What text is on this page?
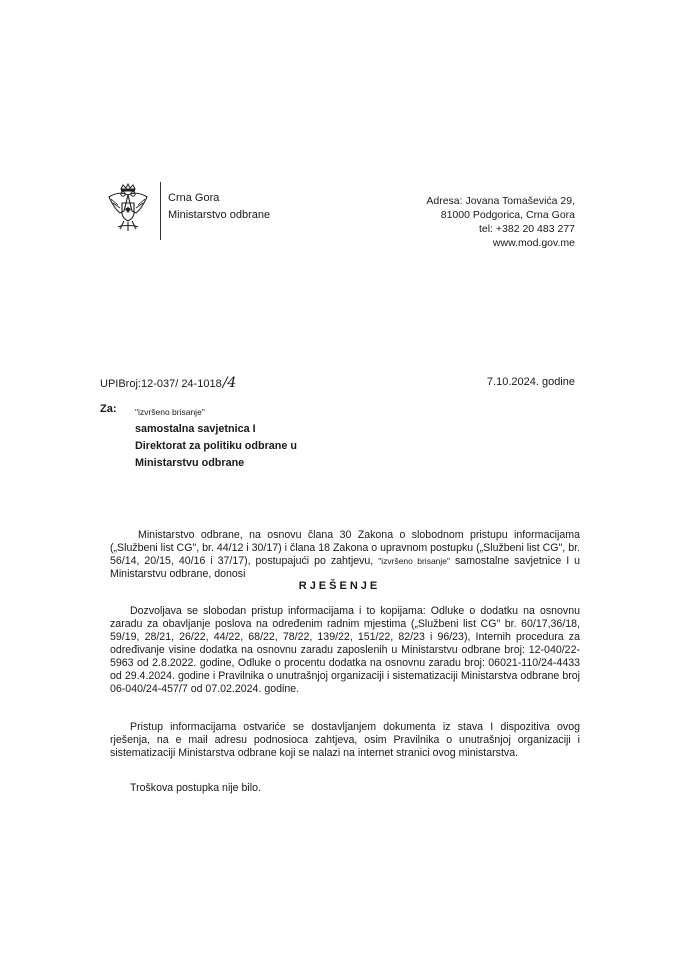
Crna Gora
Ministarstvo odbrane
Adresa: Jovana Tomaševića 29,
81000 Podgorica, Crna Gora
tel: +382 20 483 277
www.mod.gov.me
UPIBroj:12-037/ 24-1018/4	7.10.2024. godine
Za: "izvršeno brisanje"
samostalna savjetnica I
Direktorat za politiku odbrane u
Ministarstvu odbrane
Ministarstvo odbrane, na osnovu člana 30 Zakona o slobodnom pristupu informacijama („Službeni list CG", br. 44/12 i 30/17) i člana 18 Zakona o upravnom postupku („Službeni list CG", br. 56/14, 20/15, 40/16 i 37/17), postupajući po zahtjevu, "izvršeno brisanje" samostalne savjetnice I u Ministarstvu odbrane, donosi
RJEŠENJE
Dozvoljava se slobodan pristup informacijama i to kopijama: Odluke o dodatku na osnovnu zaradu za obavljanje poslova na određenim radnim mjestima („Službeni list CG" br. 60/17,36/18, 59/19, 28/21, 26/22, 44/22, 68/22, 78/22, 139/22, 151/22, 82/23 i 96/23), Internih procedura za određivanje visine dodatka na osnovnu zaradu zaposlenih u Ministarstvu odbrane broj: 12-040/22-5963 od 2.8.2022. godine, Odluke o procentu dodatka na osnovnu zaradu broj: 06021-110/24-4433 od 29.4.2024. godine i Pravilnika o unutrašnjoj organizaciji i sistematizaciji Ministarstva odbrane broj 06-040/24-457/7 od 07.02.2024. godine.
Pristup informacijama ostvariće se dostavljanjem dokumenta iz stava I dispozitiva ovog rješenja, na e mail adresu podnosioca zahtjeva, osim Pravilnika o unutrašnjoj organizaciji i sistematizaciji Ministarstva odbrane koji se nalazi na internet stranici ovog ministarstva.
Troškova postupka nije bilo.
